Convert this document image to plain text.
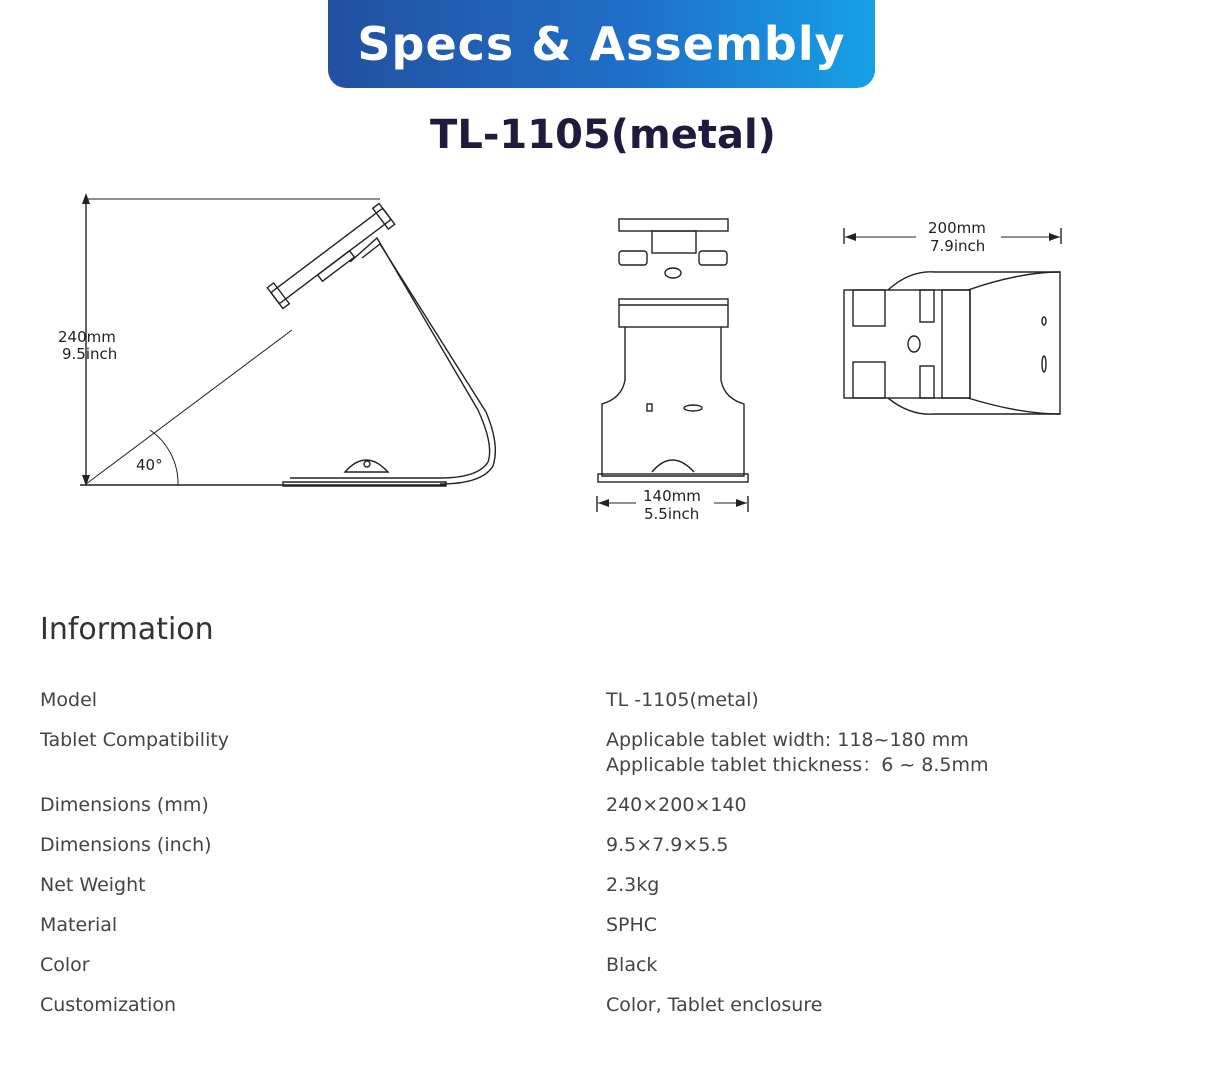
Specs & Assembly
TL-1105(metal)
240mm
9.5inch
40°
140mm
5.5inch
200mm
7.9inch
Information
Model	TL -1105(metal)
Tablet Compatibility	Applicable tablet width: 118~180 mm
Applicable tablet thickness：6 ~ 8.5mm

Dimensions (mm)	240×200×140
Dimensions (inch)	9.5×7.9×5.5
Net Weight	2.3kg
Material	SPHC
Color	Black
Customization	Color, Tablet enclosure
